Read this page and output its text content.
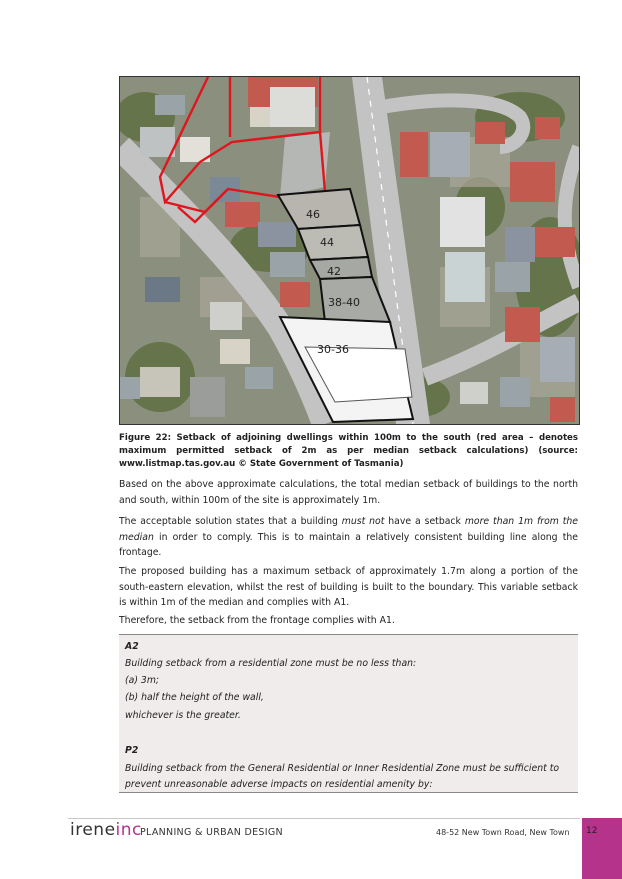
46
44
42
38-40
30-36
Figure 22: Setback of adjoining dwellings within 100m to the south (red area – denotes maximum permitted setback of 2m as per median setback calculations) (source: www.listmap.tas.gov.au © State Government of Tasmania)

Based on the above approximate calculations, the total median setback of buildings to the north and south, within 100m of the site is approximately 1m.

The acceptable solution states that a building must not have a setback more than 1m from the median in order to comply. This is to maintain a relatively consistent building line along the frontage.

The proposed building has a maximum setback of approximately 1.7m along a portion of the south-eastern elevation, whilst the rest of building is built to the boundary. This variable setback is within 1m of the median and complies with A1.

Therefore, the setback from the frontage complies with A1.

A2
Building setback from a residential zone must be no less than:
(a) 3m;
(b) half the height of the wall,
whichever is the greater.
P2
Building setback from the General Residential or Inner Residential Zone must be sufficient to
prevent unreasonable adverse impacts on residential amenity by:
ireneinc
PLANNING & URBAN DESIGN	48-52 New Town Road, New Town 12
